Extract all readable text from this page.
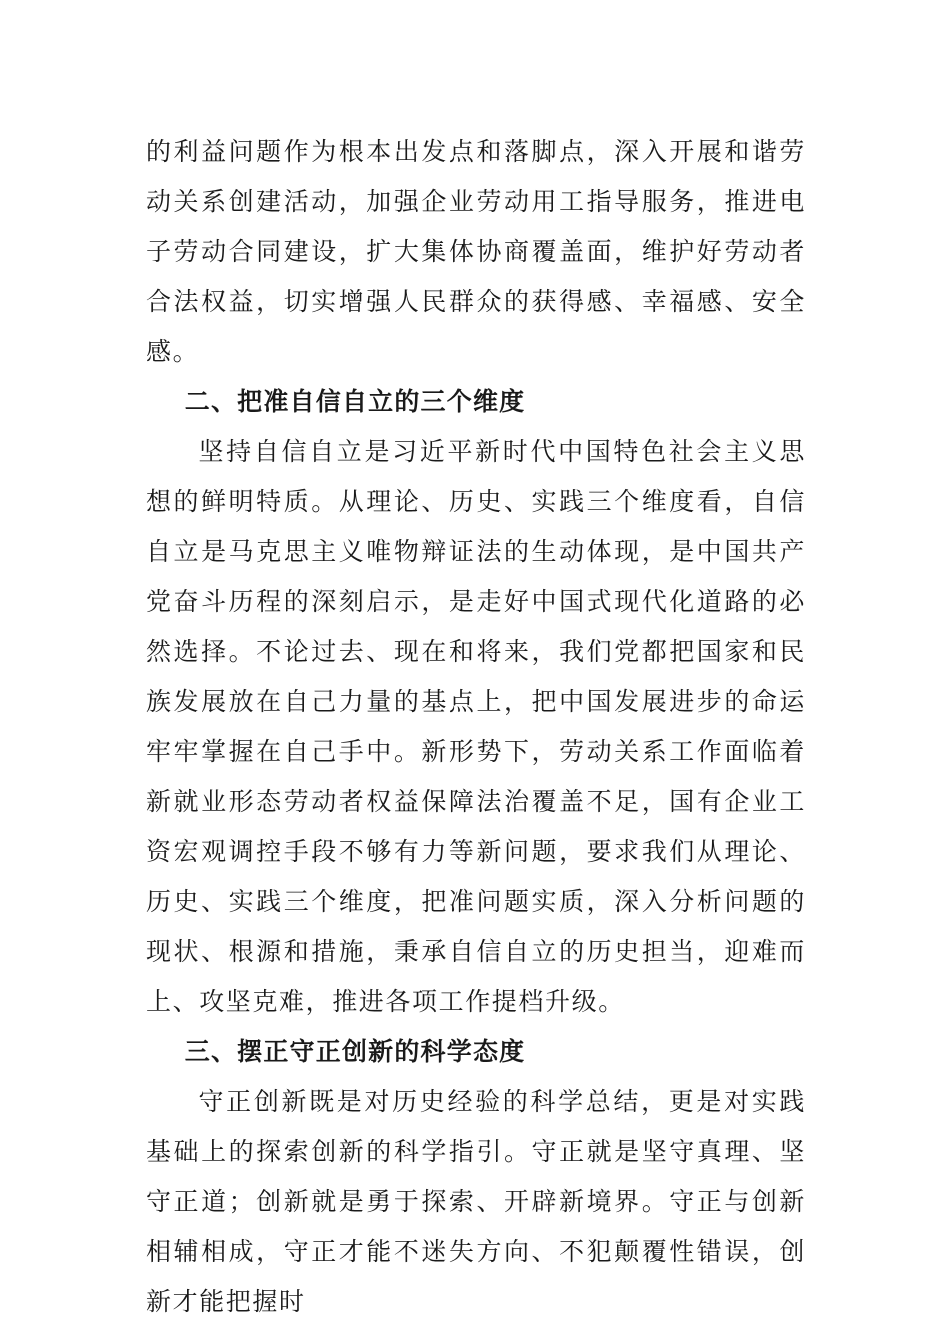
的利益问题作为根本出发点和落脚点，深入开展和谐劳动关系创建活动，加强企业劳动用工指导服务，推进电子劳动合同建设，扩大集体协商覆盖面，维护好劳动者合法权益，切实增强人民群众的获得感、幸福感、安全感。

二、把准自信自立的三个维度

坚持自信自立是习近平新时代中国特色社会主义思想的鲜明特质。从理论、历史、实践三个维度看，自信自立是马克思主义唯物辩证法的生动体现，是中国共产党奋斗历程的深刻启示，是走好中国式现代化道路的必然选择。不论过去、现在和将来，我们党都把国家和民族发展放在自己力量的基点上，把中国发展进步的命运牢牢掌握在自己手中。新形势下，劳动关系工作面临着新就业形态劳动者权益保障法治覆盖不足，国有企业工资宏观调控手段不够有力等新问题，要求我们从理论、历史、实践三个维度，把准问题实质，深入分析问题的现状、根源和措施，秉承自信自立的历史担当，迎难而上、攻坚克难，推进各项工作提档升级。

三、摆正守正创新的科学态度

守正创新既是对历史经验的科学总结，更是对实践基础上的探索创新的科学指引。守正就是坚守真理、坚守正道；创新就是勇于探索、开辟新境界。守正与创新相辅相成，守正才能不迷失方向、不犯颠覆性错误，创新才能把握时
